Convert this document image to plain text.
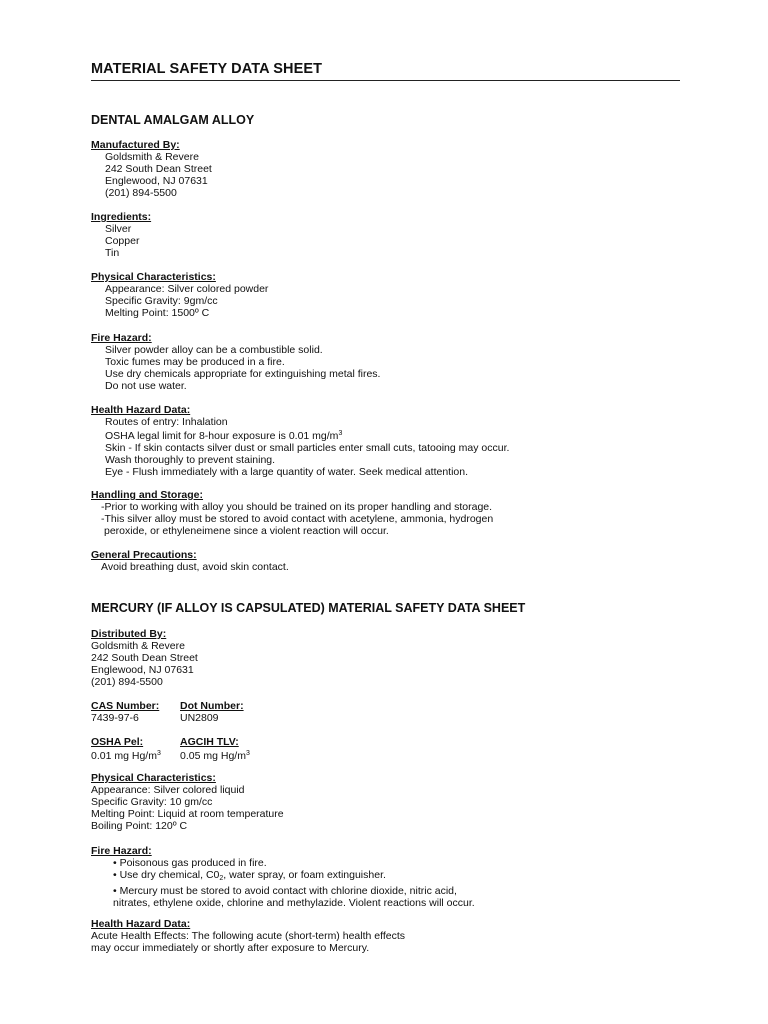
MATERIAL SAFETY DATA SHEET
DENTAL AMALGAM ALLOY
Manufactured By:
Goldsmith & Revere
242 South Dean Street
Englewood, NJ 07631
(201) 894-5500
Ingredients:
Silver
Copper
Tin
Physical Characteristics:
Appearance: Silver colored powder
Specific Gravity: 9gm/cc
Melting Point: 1500º C
Fire Hazard:
Silver powder alloy can be a combustible solid.
Toxic fumes may be produced in a fire.
Use dry chemicals appropriate for extinguishing metal fires.
Do not use water.
Health Hazard Data:
Routes of entry: Inhalation
OSHA legal limit for 8-hour exposure is 0.01 $mg/m^3$
Skin - If skin contacts silver dust or small particles enter small cuts, tatooing may occur.
Wash thoroughly to prevent staining.
Eye - Flush immediately with a large quantity of water. Seek medical attention.
Handling and Storage:
-Prior to working with alloy you should be trained on its proper handling and storage.
-This silver alloy must be stored to avoid contact with acetylene, ammonia, hydrogen
peroxide, or ethyleneimene since a violent reaction will occur.
General Precautions:
Avoid breathing dust, avoid skin contact.
MERCURY (IF ALLOY IS CAPSULATED) MATERIAL SAFETY DATA SHEET
Distributed By:
Goldsmith & Revere
242 South Dean Street
Englewood, NJ 07631
(201) 894-5500
CAS Number:
7439-97-6
Dot Number:
UN2809
OSHA Pel:
0.01 mg $Hg/m^3$
AGCIH TLV:
0.05 mg $Hg/m^3$
Physical Characteristics:
Appearance: Silver colored liquid
Specific Gravity: 10 gm/cc
Melting Point: Liquid at room temperature
Boiling Point: 120º C
Fire Hazard:
• Poisonous gas produced in fire.
• Use dry chemical, $C0_2$, water spray, or foam extinguisher.
• Mercury must be stored to avoid contact with chlorine dioxide, nitric acid,
nitrates, ethylene oxide, chlorine and methylazide. Violent reactions will occur.
Health Hazard Data:
Acute Health Effects: The following acute (short-term) health effects
may occur immediately or shortly after exposure to Mercury.
